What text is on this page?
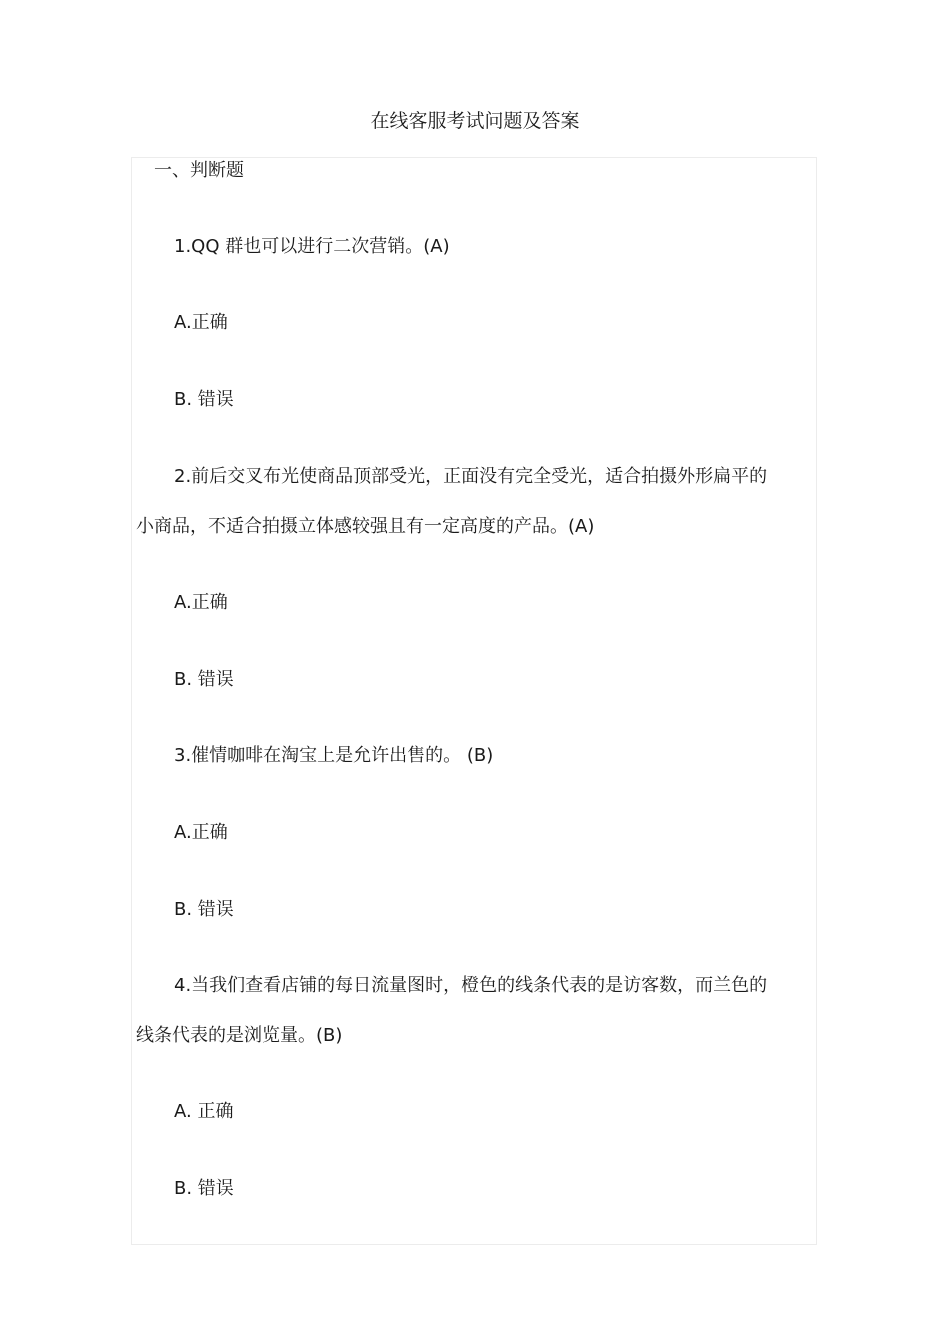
在线客服考试问题及答案
一、判断题
1.QQ 群也可以进行二次营销。(A)
A.正确
B. 错误
2.前后交叉布光使商品顶部受光，正面没有完全受光，适合拍摄外形扁平的
小商品，不适合拍摄立体感较强且有一定高度的产品。(A)
A.正确
B. 错误
3.催情咖啡在淘宝上是允许出售的。 (B)
A.正确
B. 错误
4.当我们查看店铺的每日流量图时，橙色的线条代表的是访客数，而兰色的
线条代表的是浏览量。(B)
A. 正确
B. 错误
